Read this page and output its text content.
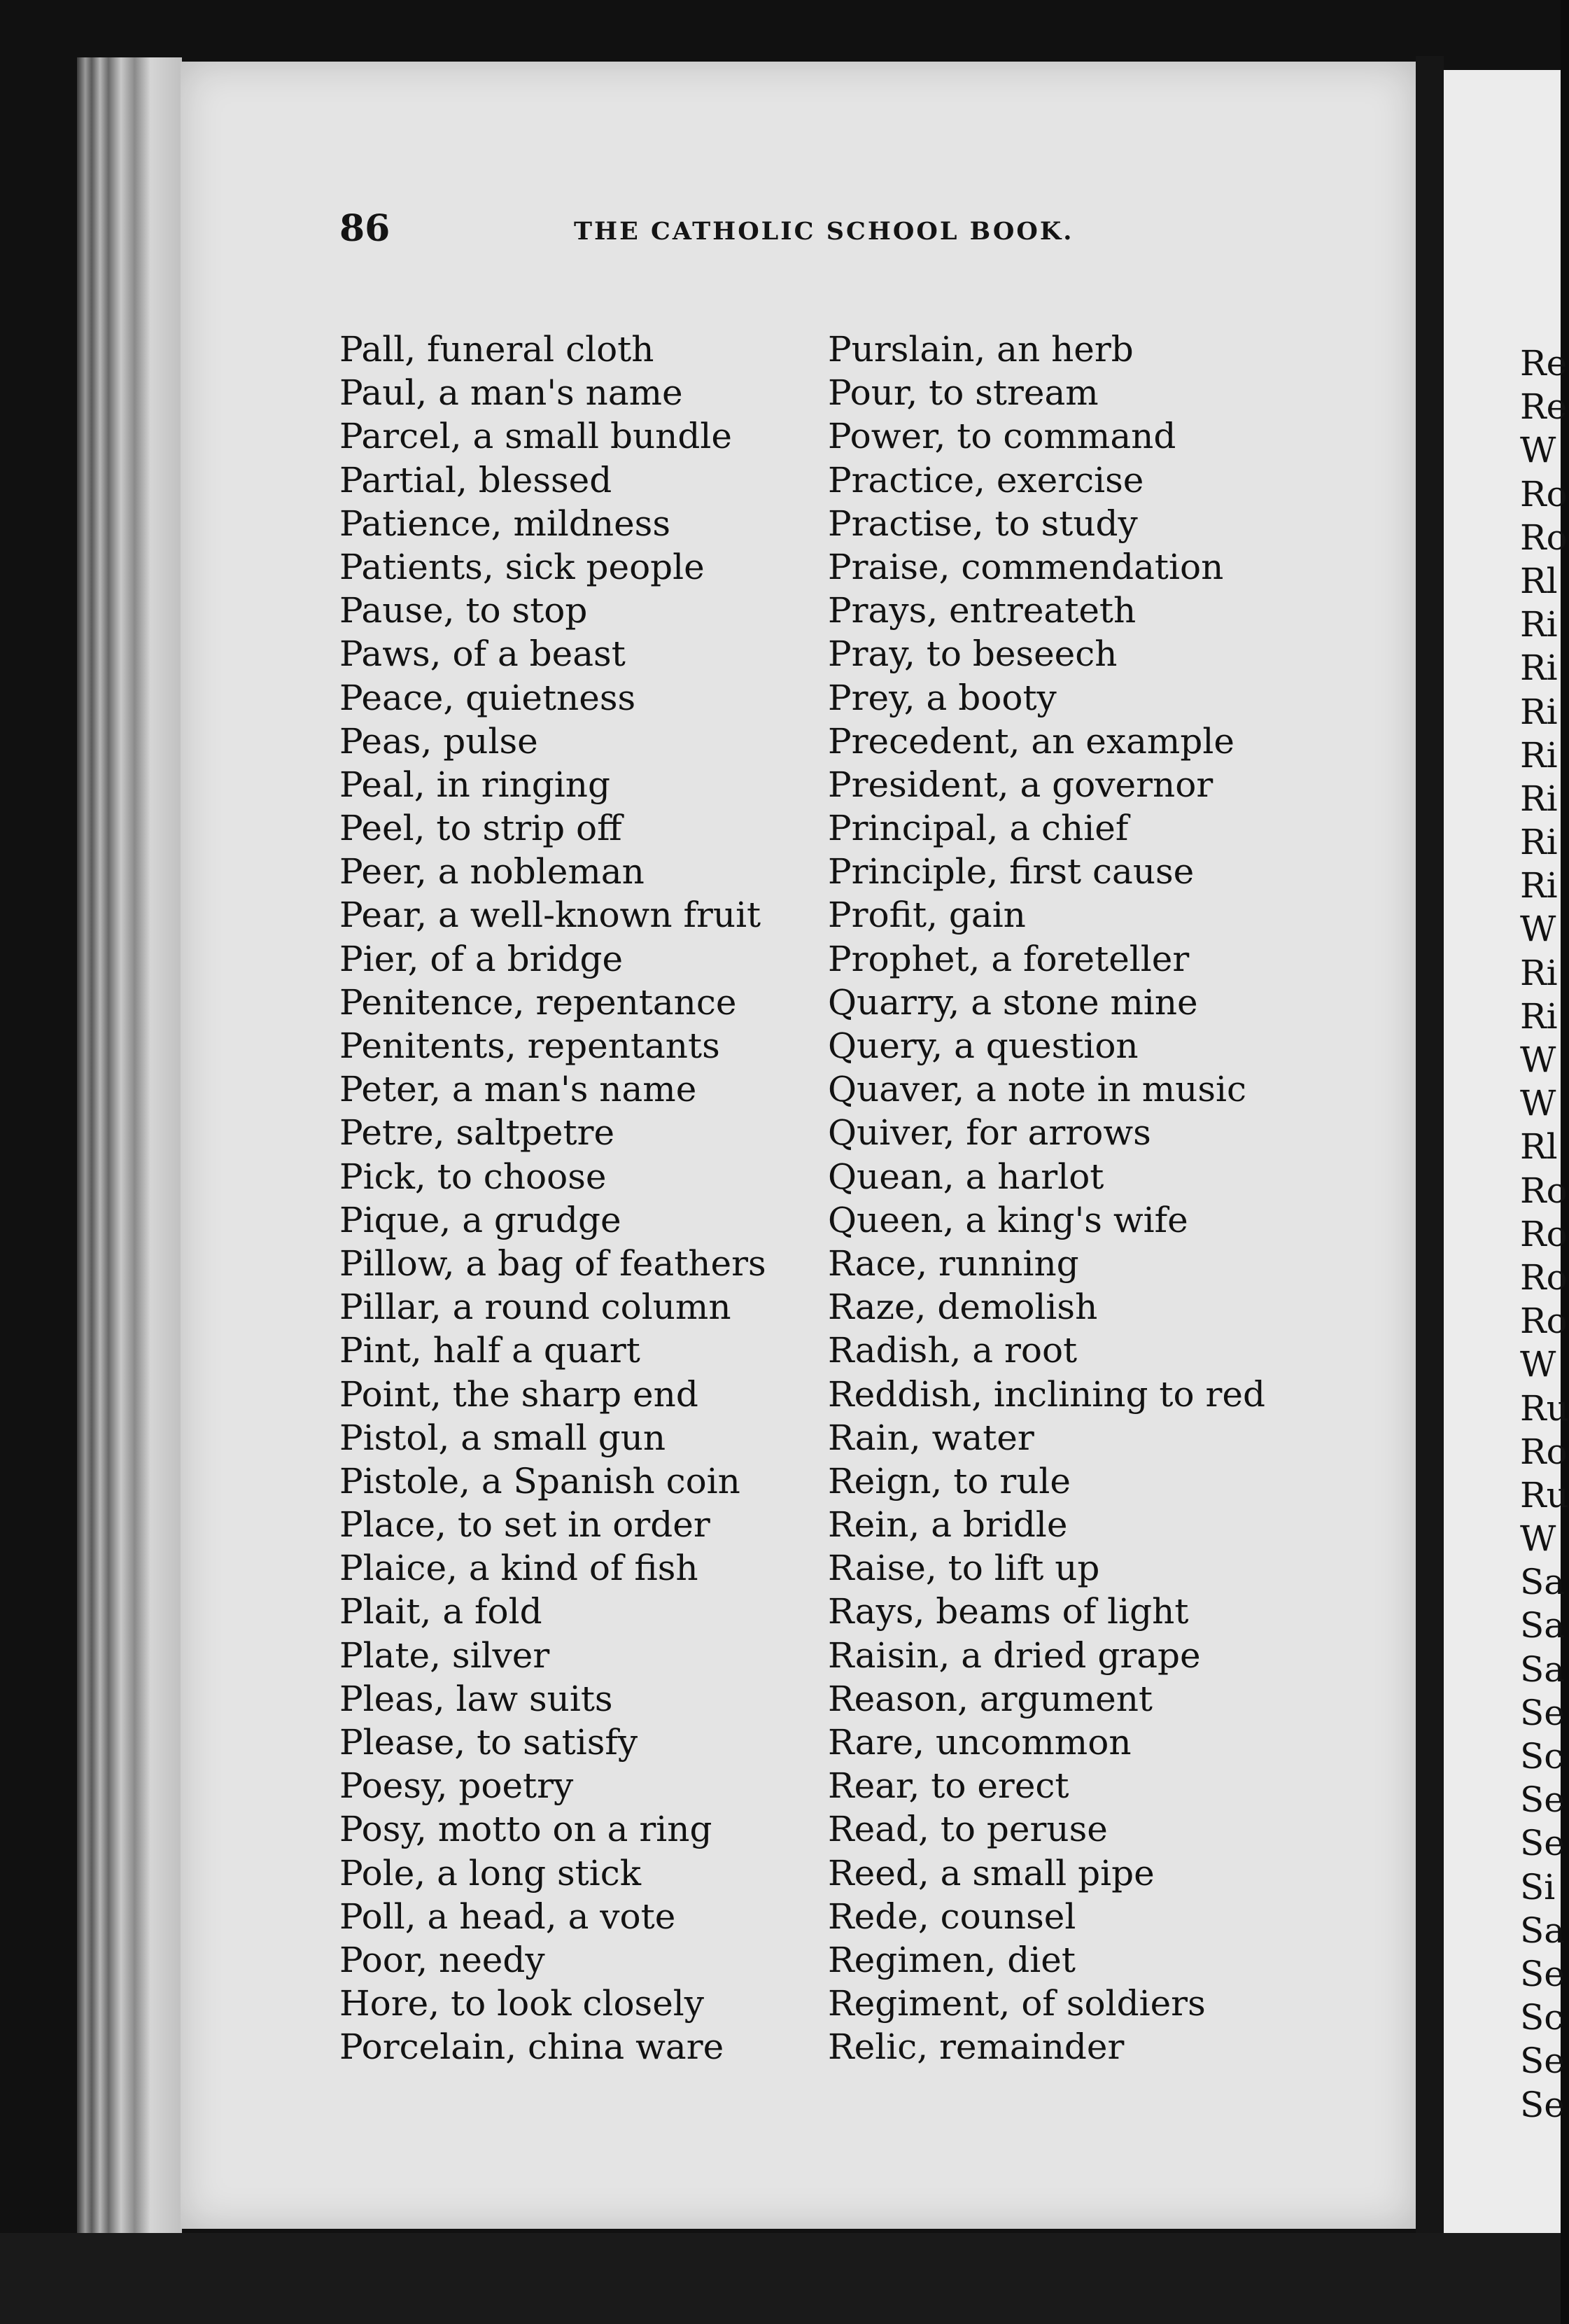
86	THE CATHOLIC SCHOOL BOOK.
Pall, funeral cloth
Paul, a man's name
Parcel, a small bundle
Partial, blessed
Patience, mildness
Patients, sick people
Pause, to stop
Paws, of a beast
Peace, quietness
Peas, pulse
Peal, in ringing
Peel, to strip off
Peer, a nobleman
Pear, a well-known fruit
Pier, of a bridge
Penitence, repentance
Penitents, repentants
Peter, a man's name
Petre, saltpetre
Pick, to choose
Pique, a grudge
Pillow, a bag of feathers
Pillar, a round column
Pint, half a quart
Point, the sharp end
Pistol, a small gun
Pistole, a Spanish coin
Place, to set in order
Plaice, a kind of fish
Plait, a fold
Plate, silver
Pleas, law suits
Please, to satisfy
Poesy, poetry
Posy, motto on a ring
Pole, a long stick
Poll, a head, a vote
Poor, needy
Hore, to look closely
Porcelain, china ware
Purslain, an herb
Pour, to stream
Power, to command
Practice, exercise
Practise, to study
Praise, commendation
Prays, entreateth
Pray, to beseech
Prey, a booty
Precedent, an example
President, a governor
Principal, a chief
Principle, first cause
Profit, gain
Prophet, a foreteller
Quarry, a stone mine
Query, a question
Quaver, a note in music
Quiver, for arrows
Quean, a harlot
Queen, a king's wife
Race, running
Raze, demolish
Radish, a root
Reddish, inclining to red
Rain, water
Reign, to rule
Rein, a bridle
Raise, to lift up
Rays, beams of light
Raisin, a dried grape
Reason, argument
Rare, uncommon
Rear, to erect
Read, to peruse
Reed, a small pipe
Rede, counsel
Regimen, diet
Regiment, of soldiers
Relic, remainder
Re
Re
W
Ro
Ro
Rl
Ri
Ri
Ri
Ri
Ri
Ri
Ri
W
Ri
Ri
W
W
Rl
Ro
Ro
Ro
Ro
W
Ru
Ro
Ru
W
Sa
Sa
Sa
Se
Sc
Se
Se
Si
Sa
Se
Sc
Se
Se
